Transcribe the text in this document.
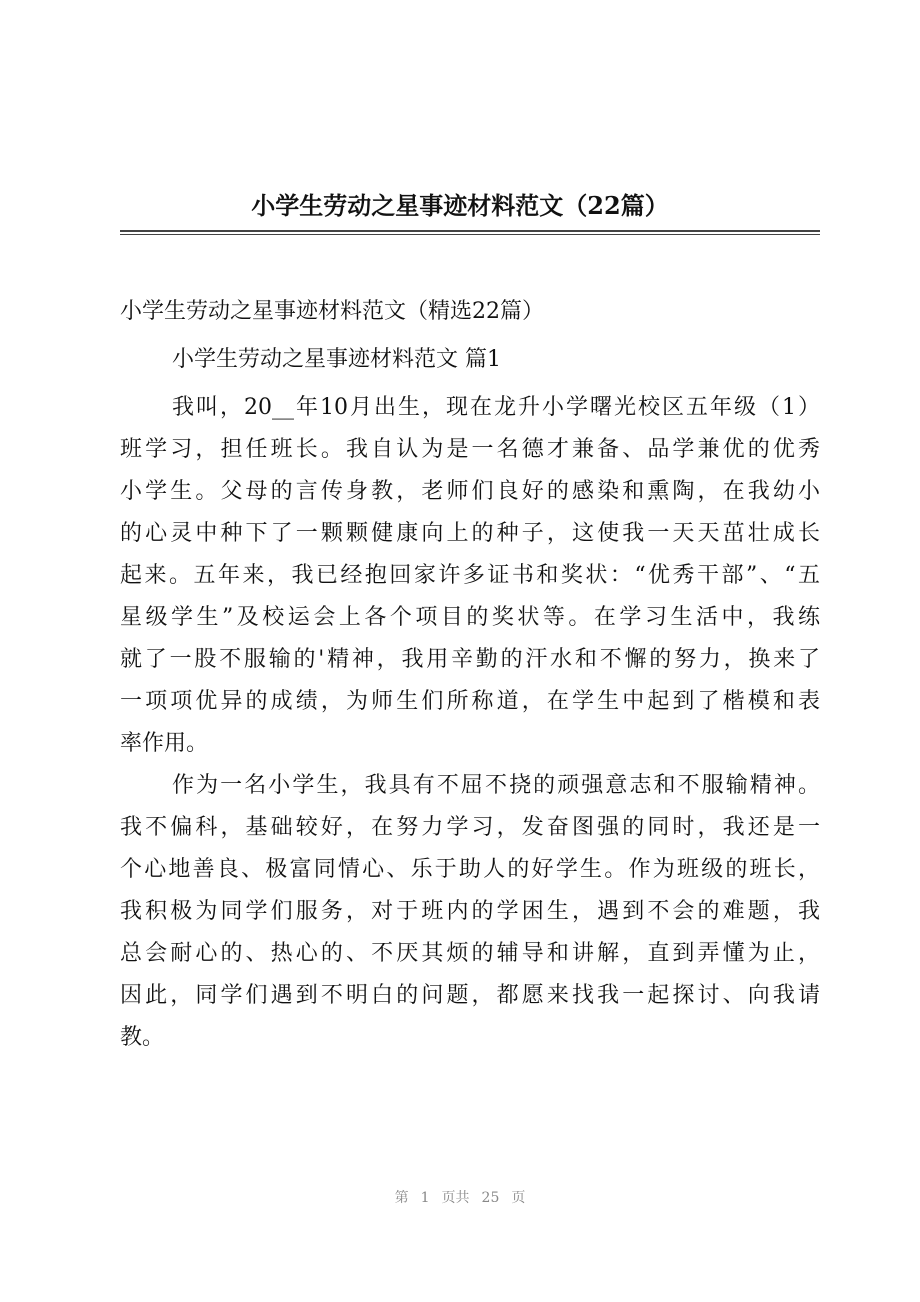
小学生劳动之星事迹材料范文（22篇）
小学生劳动之星事迹材料范文（精选22篇）
小学生劳动之星事迹材料范文 篇1
我叫，20__年10月出生，现在龙升小学曙光校区五年级（1）
班学习，担任班长。我自认为是一名德才兼备、品学兼优的优秀
小学生。父母的言传身教，老师们良好的感染和熏陶，在我幼小
的心灵中种下了一颗颗健康向上的种子，这使我一天天茁壮成长
起来。五年来，我已经抱回家许多证书和奖状：“优秀干部”、“五
星级学生”及校运会上各个项目的奖状等。在学习生活中，我练
就了一股不服输的'精神，我用辛勤的汗水和不懈的努力，换来了
一项项优异的成绩，为师生们所称道，在学生中起到了楷模和表
率作用。
作为一名小学生，我具有不屈不挠的顽强意志和不服输精神。
我不偏科，基础较好，在努力学习，发奋图强的同时，我还是一
个心地善良、极富同情心、乐于助人的好学生。作为班级的班长，
我积极为同学们服务，对于班内的学困生，遇到不会的难题，我
总会耐心的、热心的、不厌其烦的辅导和讲解，直到弄懂为止，
因此，同学们遇到不明白的问题，都愿来找我一起探讨、向我请
教。
第 1 页共 25 页
